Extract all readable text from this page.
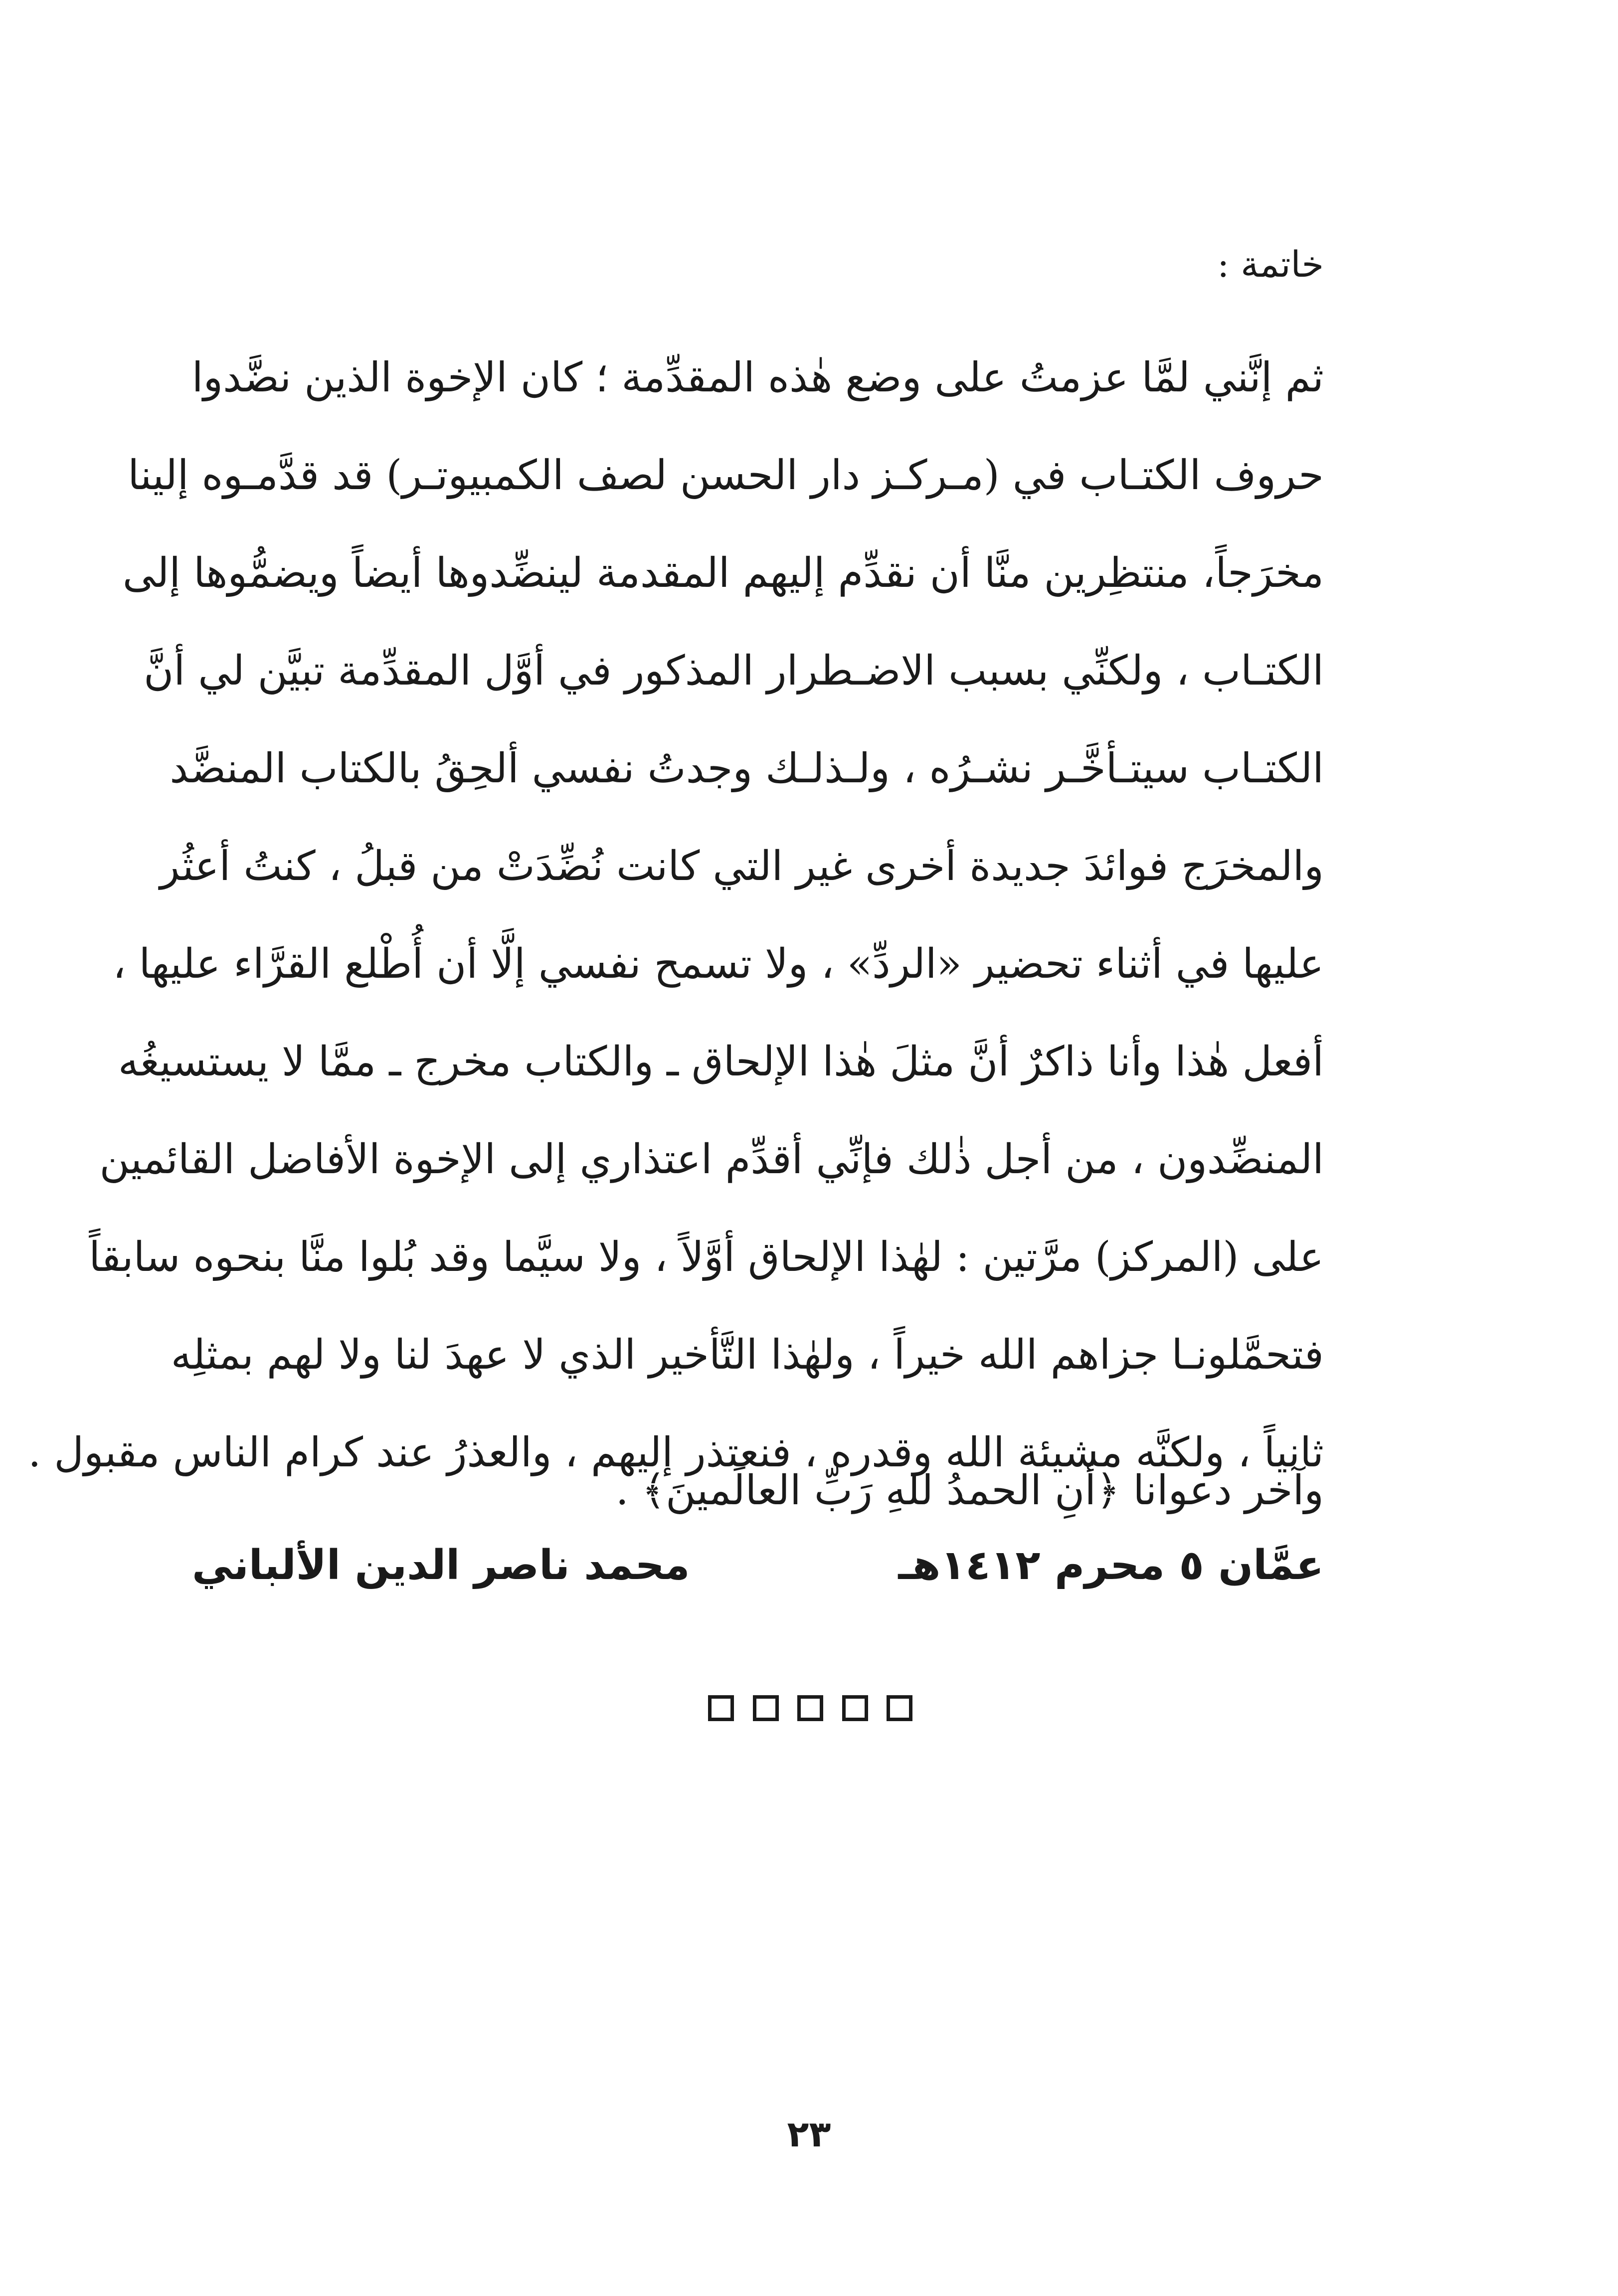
خاتمة :
ثم إنَّني لمَّا عزمتُ على وضع هٰذه المقدِّمة ؛ كان الإخوة الذين نضَّدوا
حروف الكتـاب في (مـركـز دار الحسن لصف الكمبيوتـر) قد قدَّمـوه إلينا
مخرَجاً، منتظِرين منَّا أن نقدِّم إليهم المقدمة لينضِّدوها أيضاً ويضمُّوها إلى
الكتـاب ، ولكنِّي بسبب الاضـطرار المذكور في أوَّل المقدِّمة تبيَّن لي أنَّ
الكتـاب سيتـأخَّـر نشـرُه ، ولـذلـك وجدتُ نفسي ألحِقُ بالكتاب المنضَّد
والمخرَج فوائدَ جديدة أخرى غير التي كانت نُضِّدَتْ من قبلُ ، كنتُ أعثُر
عليها في أثناء تحضير «الردِّ» ، ولا تسمح نفسي إلَّا أن أُطْلع القرَّاء عليها ،
أفعل هٰذا وأنا ذاكرٌ أنَّ مثلَ هٰذا الإلحاق ـ والكتاب مخرج ـ ممَّا لا يستسيغُه
المنضِّدون ، من أجل ذٰلك فإنِّي أقدِّم اعتذاري إلى الإخوة الأفاضل القائمين
على (المركز) مرَّتين : لهٰذا الإلحاق أوَّلاً ، ولا سيَّما وقد بُلوا منَّا بنحوه سابقاً
فتحمَّلونـا جزاهم الله خيراً ، ولهٰذا التَّأخير الذي لا عهدَ لنا ولا لهم بمثلِه
ثانياً ، ولكنَّه مشيئة الله وقدره ، فنعتذر إليهم ، والعذرُ عند كرام الناس مقبول .
وآخر دعوانا ﴿أنِ الحمدُ للهِ رَبِّ العالَمينَ﴾ .
عمَّان ٥ محرم ١٤١٢هـ
محمد ناصر الدين الألباني
٢٣
